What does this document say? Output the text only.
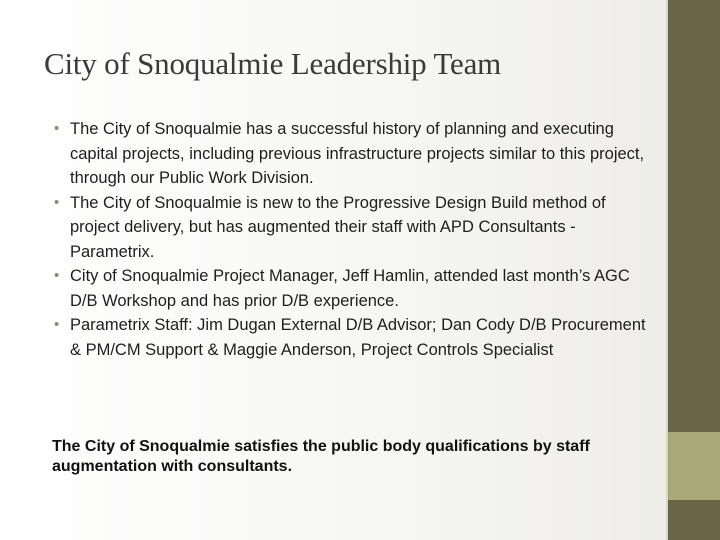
City of Snoqualmie Leadership Team
• The City of Snoqualmie has a successful history of planning and executing capital projects, including previous infrastructure projects similar to this project, through our Public Work Division.
• The City of Snoqualmie is new to the Progressive Design Build method of project delivery, but has augmented their staff with APD Consultants - Parametrix.
• City of Snoqualmie Project Manager, Jeff Hamlin, attended last month’s AGC D/B Workshop and has prior D/B experience.
• Parametrix Staff: Jim Dugan External D/B Advisor; Dan Cody D/B Procurement & PM/CM Support & Maggie Anderson, Project Controls Specialist
The City of Snoqualmie satisfies the public body qualifications by staff augmentation with consultants.
